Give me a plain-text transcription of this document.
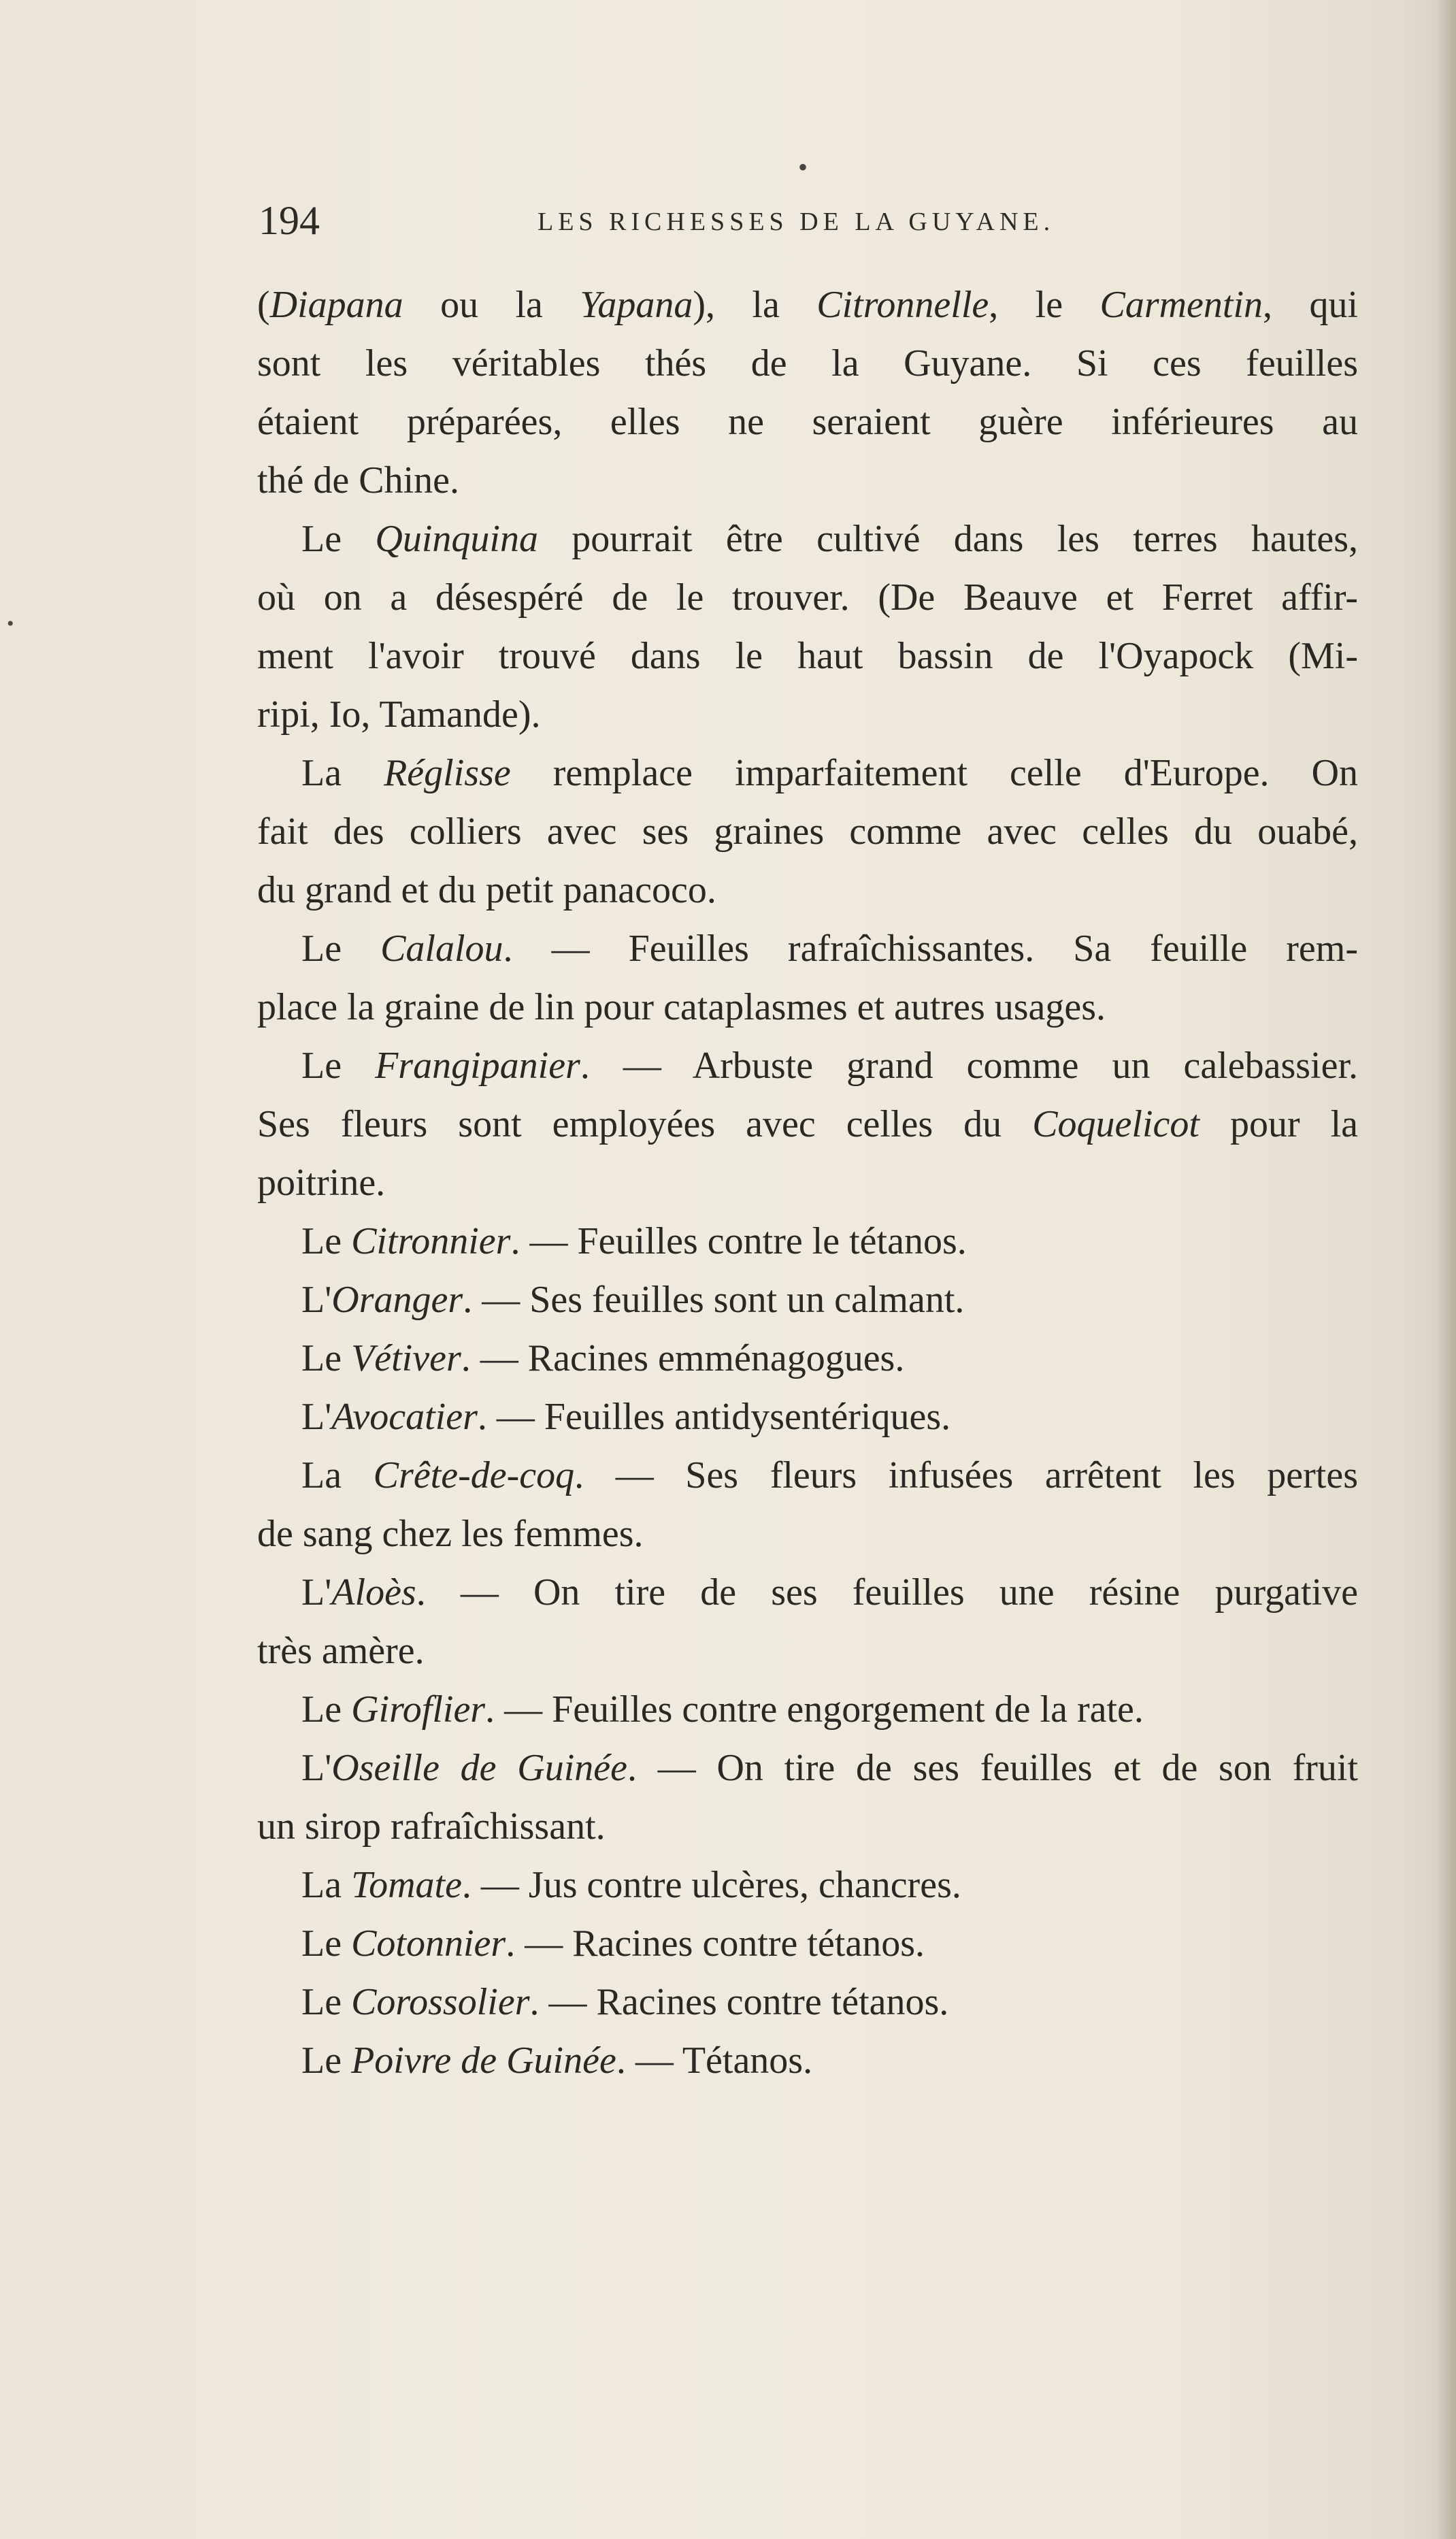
•
•
194	LES RICHESSES DE LA GUYANE.
(Diapana ou la Yapana), la Citronnelle, le Carmentin, qui
sont les véritables thés de la Guyane. Si ces feuilles
étaient préparées, elles ne seraient guère inférieures au
thé de Chine.
Le Quinquina pourrait être cultivé dans les terres hautes,
où on a désespéré de le trouver. (De Beauve et Ferret affir-
ment l'avoir trouvé dans le haut bassin de l'Oyapock (Mi-
ripi, Io, Tamande).
La Réglisse remplace imparfaitement celle d'Europe. On
fait des colliers avec ses graines comme avec celles du ouabé,
du grand et du petit panacoco.
Le Calalou. — Feuilles rafraîchissantes. Sa feuille rem-
place la graine de lin pour cataplasmes et autres usages.
Le Frangipanier. — Arbuste grand comme un calebassier.
Ses fleurs sont employées avec celles du Coquelicot pour la
poitrine.
Le Citronnier. — Feuilles contre le tétanos.
L'Oranger. — Ses feuilles sont un calmant.
Le Vétiver. — Racines emménagogues.
L'Avocatier. — Feuilles antidysentériques.
La Crête-de-coq. — Ses fleurs infusées arrêtent les pertes
de sang chez les femmes.
L'Aloès. — On tire de ses feuilles une résine purgative
très amère.
Le Giroflier. — Feuilles contre engorgement de la rate.
L'Oseille de Guinée. — On tire de ses feuilles et de son fruit
un sirop rafraîchissant.
La Tomate. — Jus contre ulcères, chancres.
Le Cotonnier. — Racines contre tétanos.
Le Corossolier. — Racines contre tétanos.
Le Poivre de Guinée. — Tétanos.
